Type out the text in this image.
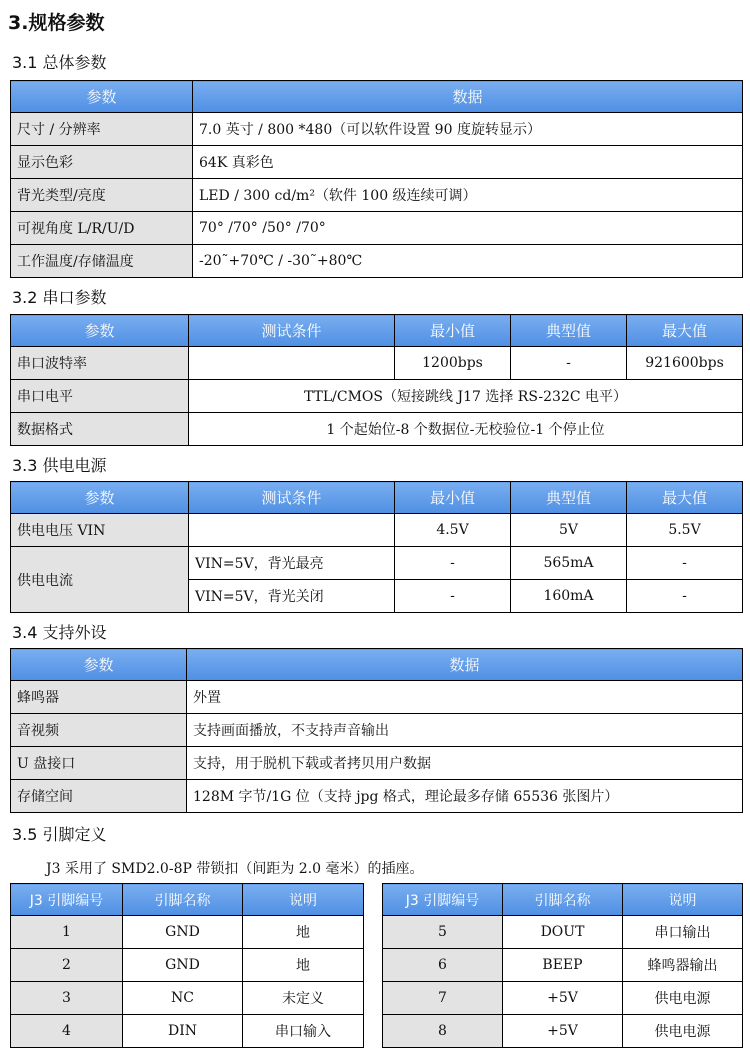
3.规格参数
3.1 总体参数
参数	数据
尺寸 / 分辨率	7.0 英寸 / 800 *480（可以软件设置 90 度旋转显示）
显示色彩	64K 真彩色
背光类型/亮度	LED / 300 cd/m²（软件 100 级连续可调）
可视角度 L/R/U/D	70° /70° /50° /70°
工作温度/存储温度	-20˜+70℃ / -30˜+80℃
3.2 串口参数
参数	测试条件	最小值	典型值	最大值
串口波特率		1200bps	-	921600bps
串口电平	TTL/CMOS（短接跳线 J17 选择 RS-232C 电平）			
数据格式	1 个起始位-8 个数据位-无校验位-1 个停止位			
3.3 供电电源
参数	测试条件	最小值	典型值	最大值
供电电压 VIN		4.5V	5V	5.5V
供电电流	VIN=5V，背光最亮	-	565mA	-
	VIN=5V，背光关闭	-	160mA	-
3.4 支持外设
参数	数据
蜂鸣器	外置
音视频	支持画面播放，不支持声音输出
U 盘接口	支持，用于脱机下载或者拷贝用户数据
存储空间	128M 字节/1G 位（支持 jpg 格式，理论最多存储 65536 张图片）
3.5 引脚定义
J3 采用了 SMD2.0-8P 带锁扣（间距为 2.0 毫米）的插座。
J3 引脚编号	引脚名称	说明
1	GND	地
2	GND	地
3	NC	未定义
4	DIN	串口输入
J3 引脚编号	引脚名称	说明
5	DOUT	串口输出
6	BEEP	蜂鸣器输出
7	+5V	供电电源
8	+5V	供电电源
